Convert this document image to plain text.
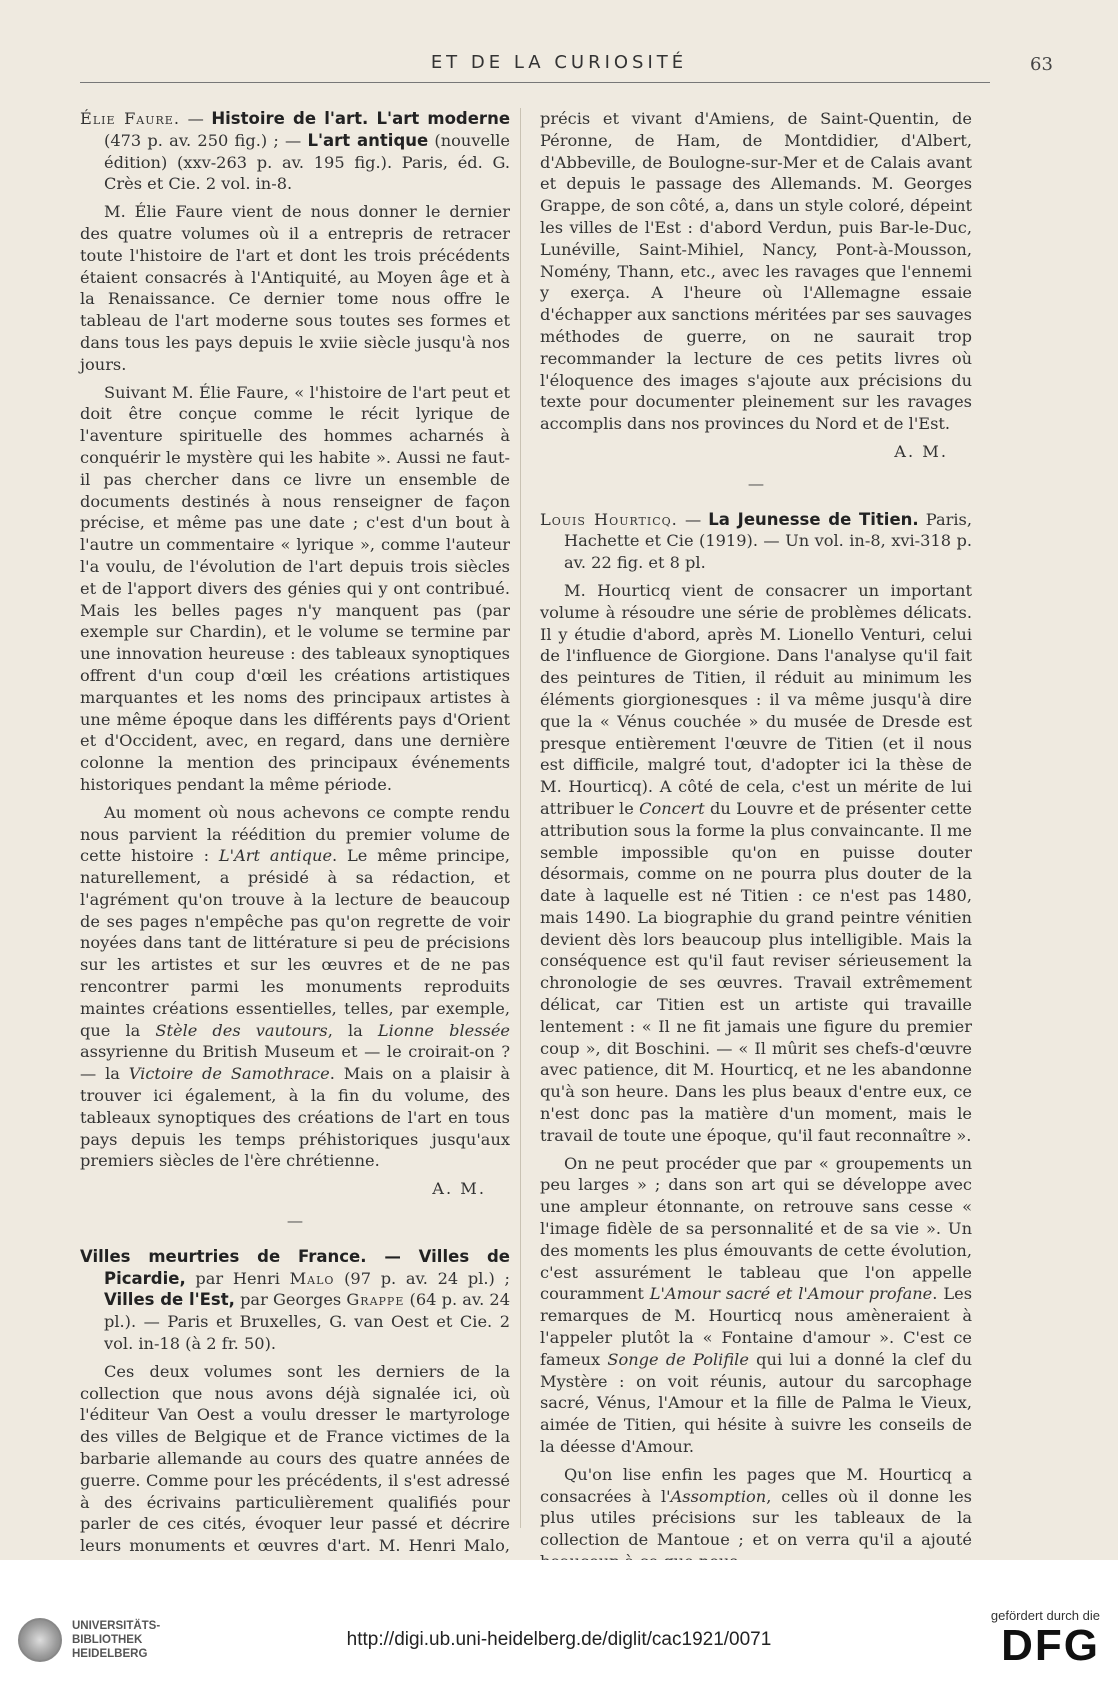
ET DE LA CURIOSITÉ	63

Élie Faure. — Histoire de l'art. L'art moderne (473 p. av. 250 fig.) ; — L'art antique (nouvelle édition) (xxv-263 p. av. 195 fig.). Paris, éd. G. Crès et Cie. 2 vol. in-8.

M. Élie Faure vient de nous donner le dernier des quatre volumes où il a entrepris de retracer toute l'histoire de l'art et dont les trois précédents étaient consacrés à l'Antiquité, au Moyen âge et à la Renaissance. Ce dernier tome nous offre le tableau de l'art moderne sous toutes ses formes et dans tous les pays depuis le xviie siècle jusqu'à nos jours.

Suivant M. Élie Faure, « l'histoire de l'art peut et doit être conçue comme le récit lyrique de l'aventure spirituelle des hommes acharnés à conquérir le mystère qui les habite ». Aussi ne faut-il pas chercher dans ce livre un ensemble de documents destinés à nous renseigner de façon précise, et même pas une date ; c'est d'un bout à l'autre un commentaire « lyrique », comme l'auteur l'a voulu, de l'évolution de l'art depuis trois siècles et de l'apport divers des génies qui y ont contribué. Mais les belles pages n'y manquent pas (par exemple sur Chardin), et le volume se termine par une innovation heureuse : des tableaux synoptiques offrent d'un coup d'œil les créations artistiques marquantes et les noms des principaux artistes à une même époque dans les différents pays d'Orient et d'Occident, avec, en regard, dans une dernière colonne la mention des principaux événements historiques pendant la même période.

Au moment où nous achevons ce compte rendu nous parvient la réédition du premier volume de cette histoire : L'Art antique. Le même principe, naturellement, a présidé à sa rédaction, et l'agrément qu'on trouve à la lecture de beaucoup de ses pages n'empêche pas qu'on regrette de voir noyées dans tant de littérature si peu de précisions sur les artistes et sur les œuvres et de ne pas rencontrer parmi les monuments reproduits maintes créations essentielles, telles, par exemple, que la Stèle des vautours, la Lionne blessée assyrienne du British Museum et — le croirait-on ? — la Victoire de Samothrace. Mais on a plaisir à trouver ici également, à la fin du volume, des tableaux synoptiques des créations de l'art en tous pays depuis les temps préhistoriques jusqu'aux premiers siècles de l'ère chrétienne.

A. M.
—

Villes meurtries de France. — Villes de Picardie, par Henri Malo (97 p. av. 24 pl.) ; Villes de l'Est, par Georges Grappe (64 p. av. 24 pl.). — Paris et Bruxelles, G. van Oest et Cie. 2 vol. in-18 (à 2 fr. 50).

Ces deux volumes sont les derniers de la collection que nous avons déjà signalée ici, où l'éditeur Van Oest a voulu dresser le martyrologe des villes de Belgique et de France victimes de la barbarie allemande au cours des quatre années de guerre. Comme pour les précédents, il s'est adressé à des écrivains particulièrement qualifiés pour parler de ces cités, évoquer leur passé et décrire leurs monuments et œuvres d'art. M. Henri Malo,

précis et vivant d'Amiens, de Saint-Quentin, de Péronne, de Ham, de Montdidier, d'Albert, d'Abbeville, de Boulogne-sur-Mer et de Calais avant et depuis le passage des Allemands. M. Georges Grappe, de son côté, a, dans un style coloré, dépeint les villes de l'Est : d'abord Verdun, puis Bar-le-Duc, Lunéville, Saint-Mihiel, Nancy, Pont-à-Mousson, Nomény, Thann, etc., avec les ravages que l'ennemi y exerça. A l'heure où l'Allemagne essaie d'échapper aux sanctions méritées par ses sauvages méthodes de guerre, on ne saurait trop recommander la lecture de ces petits livres où l'éloquence des images s'ajoute aux précisions du texte pour documenter pleinement sur les ravages accomplis dans nos provinces du Nord et de l'Est.

A. M.
—

Louis Hourticq. — La Jeunesse de Titien. Paris, Hachette et Cie (1919). — Un vol. in-8, xvi-318 p. av. 22 fig. et 8 pl.

M. Hourticq vient de consacrer un important volume à résoudre une série de problèmes délicats. Il y étudie d'abord, après M. Lionello Venturi, celui de l'influence de Giorgione. Dans l'analyse qu'il fait des peintures de Titien, il réduit au minimum les éléments giorgionesques : il va même jusqu'à dire que la « Vénus couchée » du musée de Dresde est presque entièrement l'œuvre de Titien (et il nous est difficile, malgré tout, d'adopter ici la thèse de M. Hourticq). A côté de cela, c'est un mérite de lui attribuer le Concert du Louvre et de présenter cette attribution sous la forme la plus convaincante. Il me semble impossible qu'on en puisse douter désormais, comme on ne pourra plus douter de la date à laquelle est né Titien : ce n'est pas 1480, mais 1490. La biographie du grand peintre vénitien devient dès lors beaucoup plus intelligible. Mais la conséquence est qu'il faut reviser sérieusement la chronologie de ses œuvres. Travail extrêmement délicat, car Titien est un artiste qui travaille lentement : « Il ne fit jamais une figure du premier coup », dit Boschini. — « Il mûrit ses chefs-d'œuvre avec patience, dit M. Hourticq, et ne les abandonne qu'à son heure. Dans les plus beaux d'entre eux, ce n'est donc pas la matière d'un moment, mais le travail de toute une époque, qu'il faut reconnaître ».

On ne peut procéder que par « groupements un peu larges » ; dans son art qui se développe avec une ampleur étonnante, on retrouve sans cesse « l'image fidèle de sa personnalité et de sa vie ». Un des moments les plus émouvants de cette évolution, c'est assurément le tableau que l'on appelle couramment L'Amour sacré et l'Amour profane. Les remarques de M. Hourticq nous amèneraient à l'appeler plutôt la « Fontaine d'amour ». C'est ce fameux Songe de Polifile qui lui a donné la clef du Mystère : on voit réunis, autour du sarcophage sacré, Vénus, l'Amour et la fille de Palma le Vieux, aimée de Titien, qui hésite à suivre les conseils de la déesse d'Amour.

Qu'on lise enfin les pages que M. Hourticq a consacrées à l'Assomption, celles où il donne les plus utiles précisions sur les tableaux de la collection de Mantoue ; et on verra qu'il a ajouté

UNIVERSITÄTS-
BIBLIOTHEK
HEIDELBERG
http://digi.ub.uni-heidelberg.de/diglit/cac1921/0071
gefördert durch die
DFG
